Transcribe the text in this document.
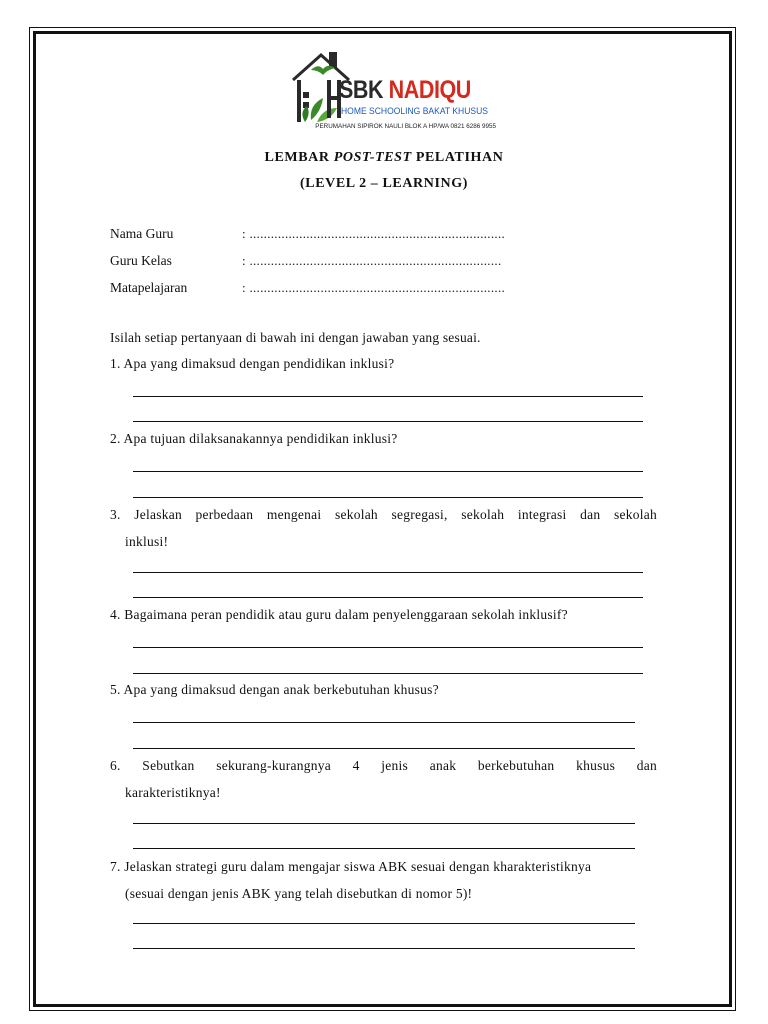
SBK NADIQU
HOME SCHOOLING BAKAT KHUSUS
PERUMAHAN SIPIROK NAULI BLOK A HP/WA 0821 6286 9955
LEMBAR POST-TEST PELATIHAN
(LEVEL 2 – LEARNING)
Nama Guru	: ........................................................................
Guru Kelas	: .......................................................................
Matapelajaran	: ........................................................................
Isilah setiap pertanyaan di bawah ini dengan jawaban yang sesuai.
1. Apa yang dimaksud dengan pendidikan inklusi?
2. Apa tujuan dilaksanakannya pendidikan inklusi?
3. Jelaskan perbedaan mengenai sekolah segregasi, sekolah integrasi dan sekolah
inklusi!
4. Bagaimana peran pendidik atau guru dalam penyelenggaraan sekolah inklusif?
5. Apa yang dimaksud dengan anak berkebutuhan khusus?
6. Sebutkan sekurang-kurangnya 4 jenis anak berkebutuhan khusus dan
karakteristiknya!
7. Jelaskan strategi guru dalam mengajar siswa ABK sesuai dengan kharakteristiknya
(sesuai dengan jenis ABK yang telah disebutkan di nomor 5)!
